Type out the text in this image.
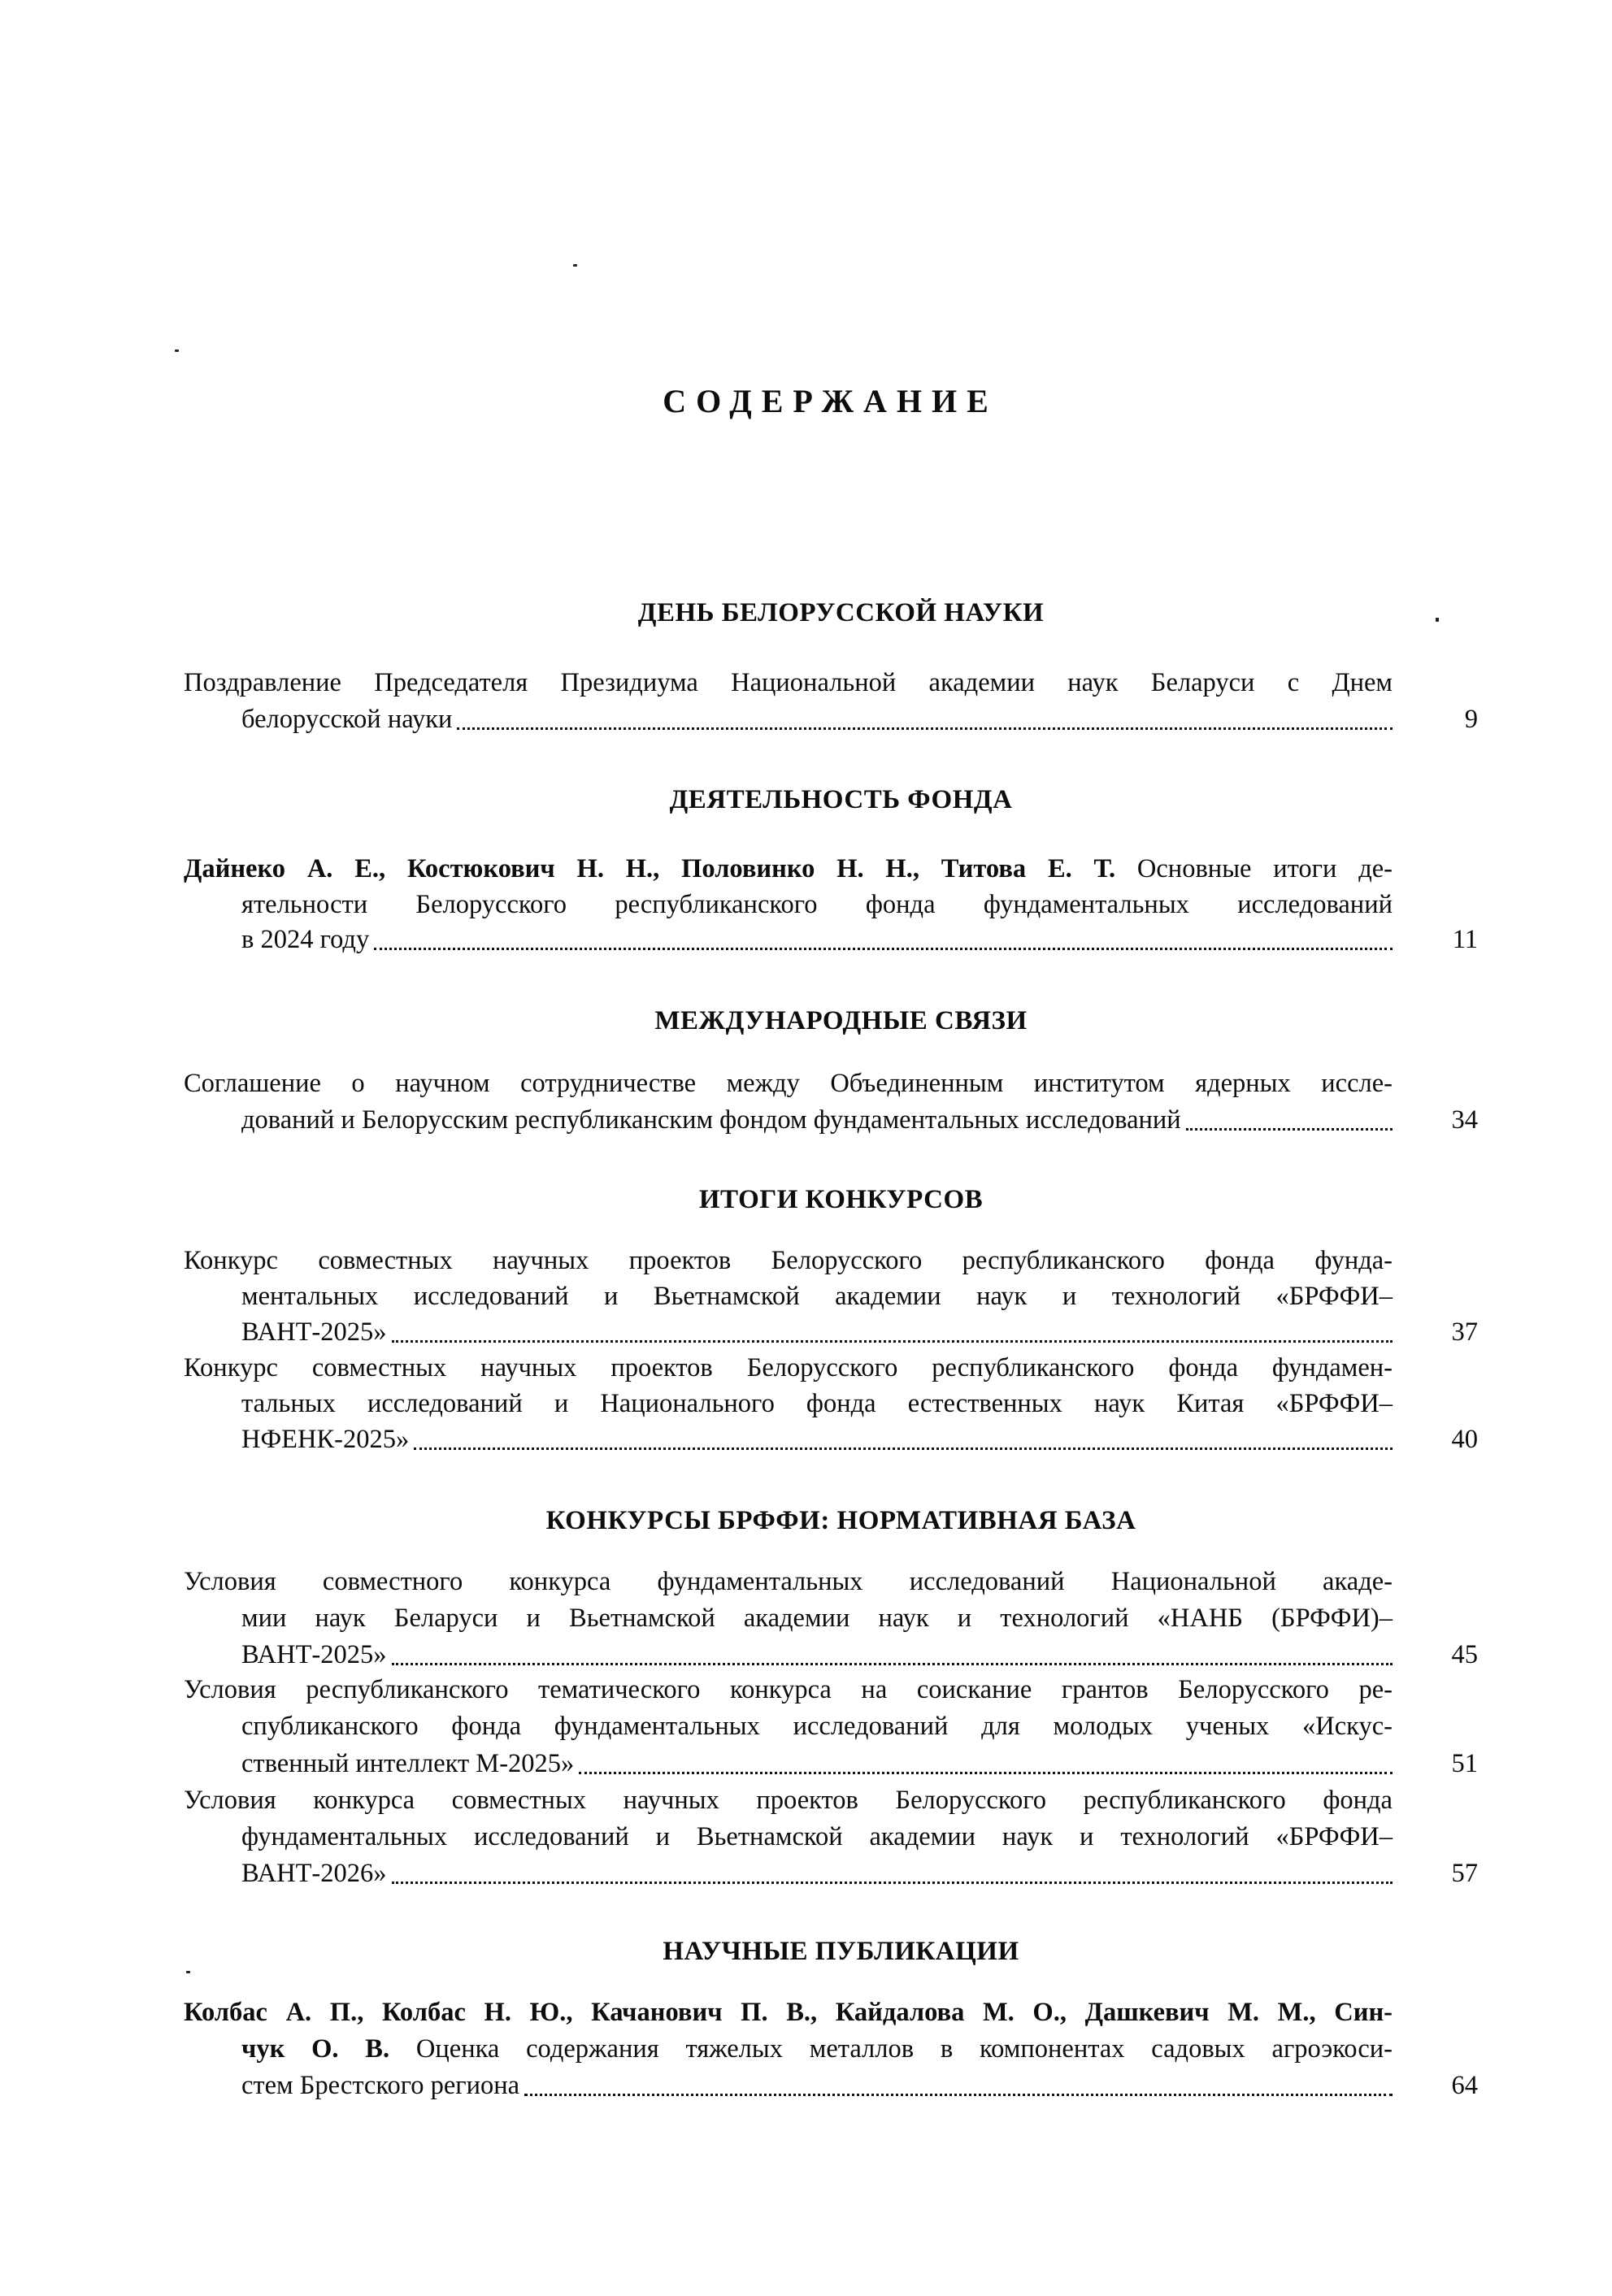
СОДЕРЖАНИЕ
ДЕНЬ БЕЛОРУССКОЙ НАУКИ
Поздравление Председателя Президиума Национальной академии наук Беларуси с Днем
белорусской науки	9
ДЕЯТЕЛЬНОСТЬ ФОНДА
Дайнеко А. Е., Костюкович Н. Н., Половинко Н. Н., Титова Е. Т. Основные итоги де-
ятельности Белорусского республиканского фонда фундаментальных исследований
в 2024 году	11
МЕЖДУНАРОДНЫЕ СВЯЗИ
Соглашение о научном сотрудничестве между Объединенным институтом ядерных иссле-
дований и Белорусским республиканским фондом фундаментальных исследований	34
ИТОГИ КОНКУРСОВ
Конкурс совместных научных проектов Белорусского республиканского фонда фунда-
ментальных исследований и Вьетнамской академии наук и технологий «БРФФИ–
ВАНТ-2025»	37
Конкурс совместных научных проектов Белорусского республиканского фонда фундамен-
тальных исследований и Национального фонда естественных наук Китая «БРФФИ–
НФЕНК-2025»	40
КОНКУРСЫ БРФФИ: НОРМАТИВНАЯ БАЗА
Условия совместного конкурса фундаментальных исследований Национальной акаде-
мии наук Беларуси и Вьетнамской академии наук и технологий «НАНБ (БРФФИ)–
ВАНТ-2025»	45
Условия республиканского тематического конкурса на соискание грантов Белорусского ре-
спубликанского фонда фундаментальных исследований для молодых ученых «Искус-
ственный интеллект М-2025»	51
Условия конкурса совместных научных проектов Белорусского республиканского фонда
фундаментальных исследований и Вьетнамской академии наук и технологий «БРФФИ–
ВАНТ-2026»	57
НАУЧНЫЕ ПУБЛИКАЦИИ
Колбас А. П., Колбас Н. Ю., Качанович П. В., Кайдалова М. О., Дашкевич М. М., Син-
чук О. В. Оценка содержания тяжелых металлов в компонентах садовых агроэкоси-
стем Брестского региона	64
